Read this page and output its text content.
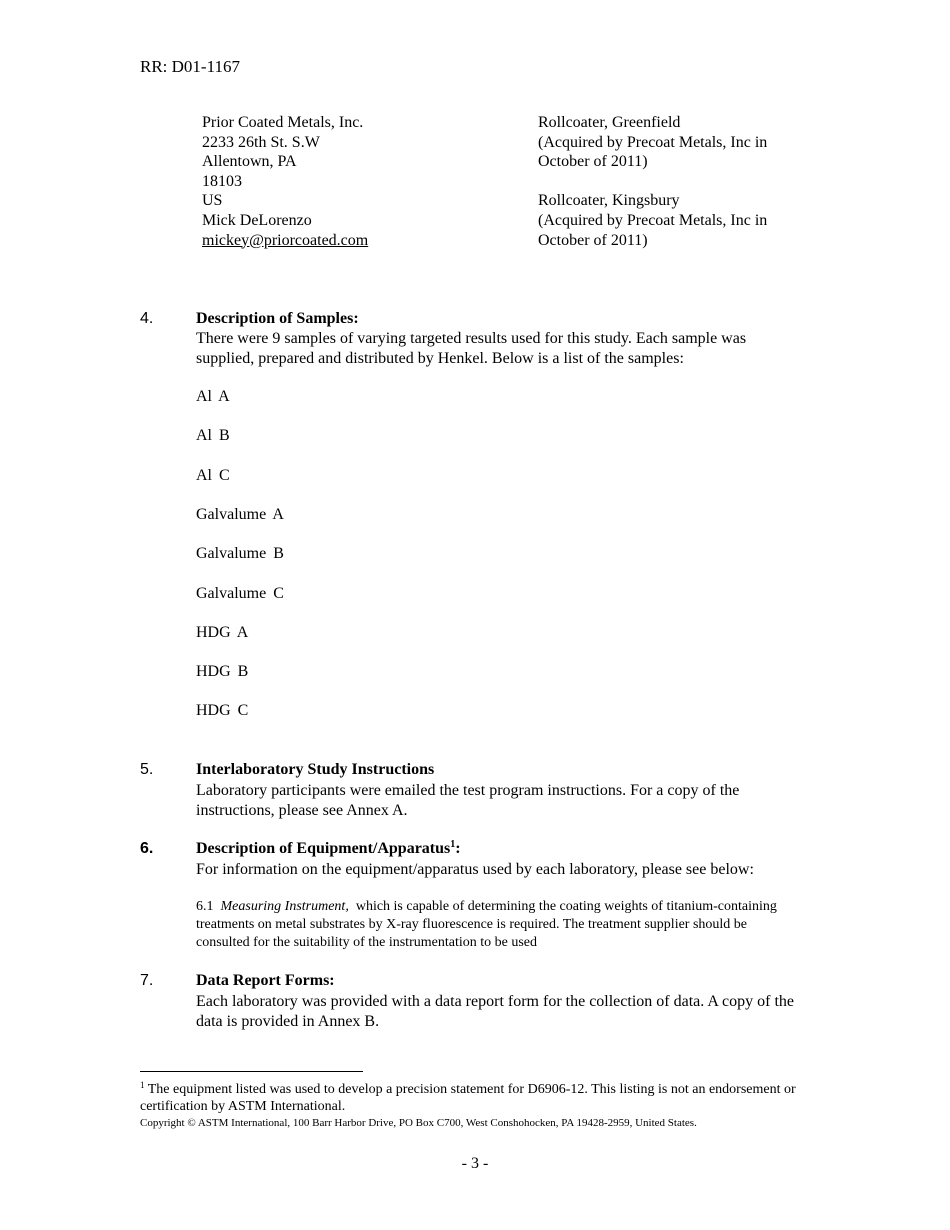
RR: D01-1167
Prior Coated Metals, Inc.
2233 26th St. S.W
Allentown, PA
18103
US
Mick DeLorenzo
mickey@priorcoated.com
Rollcoater, Greenfield
(Acquired by Precoat Metals, Inc in
October of 2011)
Rollcoater, Kingsbury
(Acquired by Precoat Metals, Inc in
October of 2011)
4.	Description of Samples:
There were 9 samples of varying targeted results used for this study. Each sample was supplied, prepared and distributed by Henkel. Below is a list of the samples:
Al A
Al B
Al C
Galvalume A
Galvalume B
Galvalume C
HDG A
HDG B
HDG C
5.	Interlaboratory Study Instructions
Laboratory participants were emailed the test program instructions. For a copy of the instructions, please see Annex A.
6.	Description of Equipment/Apparatus$^1$:
For information on the equipment/apparatus used by each laboratory, please see below:
6.1 Measuring Instrument, which is capable of determining the coating weights of titanium-containing treatments on metal substrates by X-ray fluorescence is required. The treatment supplier should be consulted for the suitability of the instrumentation to be used
7.	Data Report Forms:
Each laboratory was provided with a data report form for the collection of data. A copy of the data is provided in Annex B.
$^1$ The equipment listed was used to develop a precision statement for D6906-12. This listing is not an endorsement or certification by ASTM International.
Copyright © ASTM International, 100 Barr Harbor Drive, PO Box C700, West Conshohocken, PA 19428-2959, United States.
- 3 -
